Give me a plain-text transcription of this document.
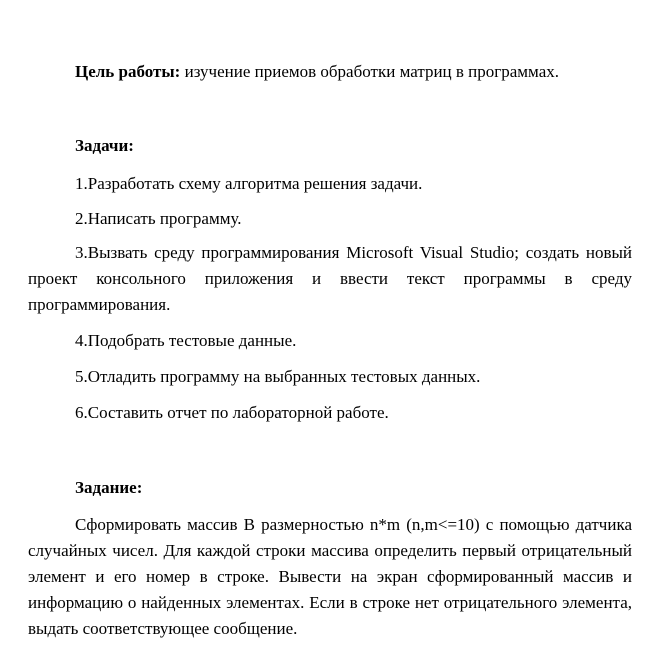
Цель работы: изучение приемов обработки матриц в программах.
Задачи:
1.Разработать схему алгоритма решения задачи.
2.Написать программу.
3.Вызвать среду программирования Microsoft Visual Studio; создать новый проект консольного приложения и ввести текст программы в среду программирования.
4.Подобрать тестовые данные.
5.Отладить программу на выбранных тестовых данных.
6.Составить отчет по лабораторной работе.
Задание:
Сформировать массив B размерностью n*m (n,m<=10) с помощью датчика случайных чисел. Для каждой строки массива определить первый отрицательный элемент и его номер в строке. Вывести на экран сформированный массив и информацию о найденных элементах. Если в строке нет отрицательного элемента, выдать соответствующее сообщение.
